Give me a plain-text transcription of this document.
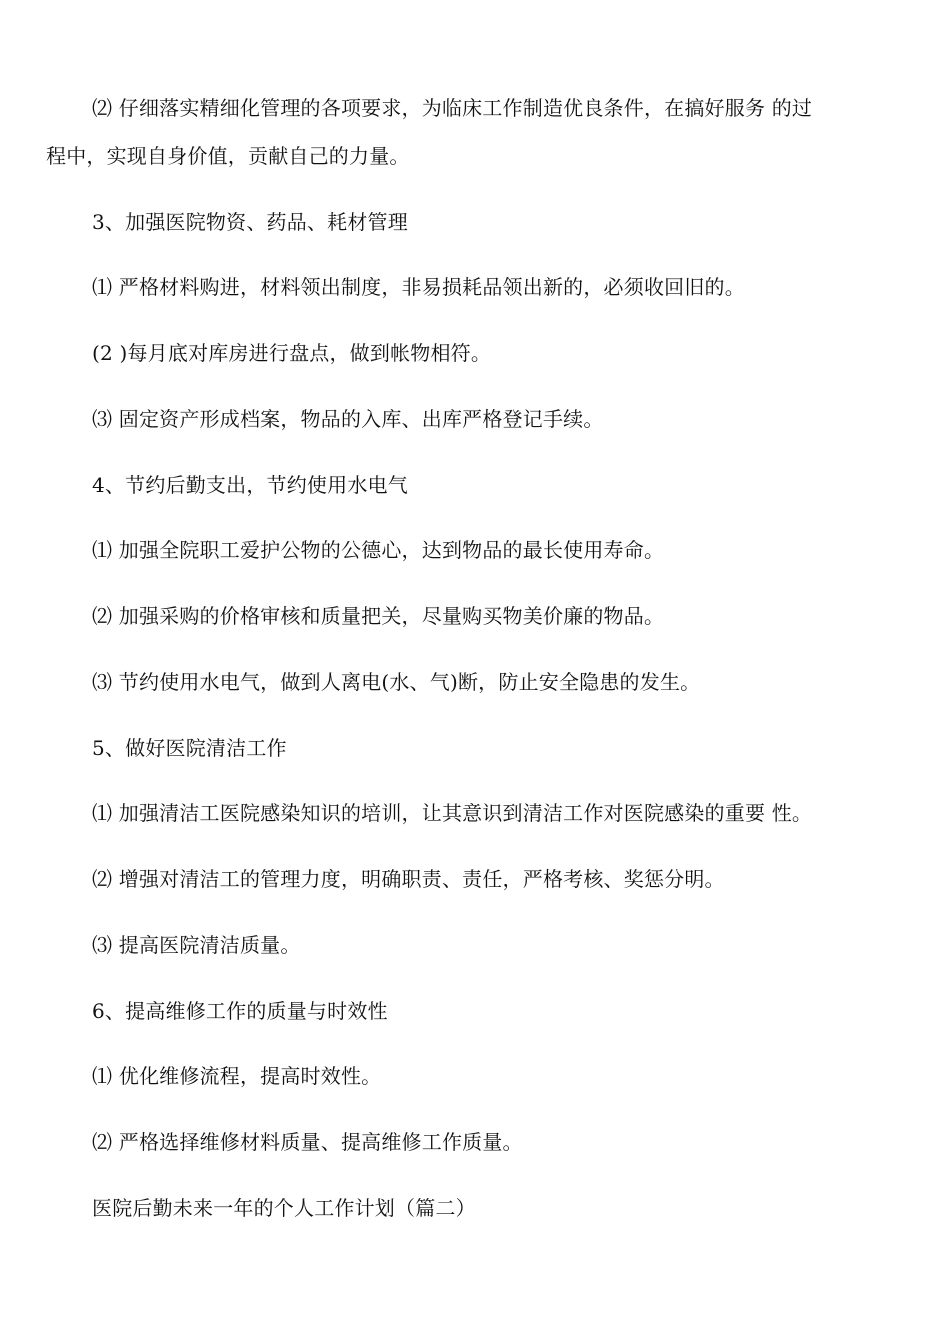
⑵ 仔细落实精细化管理的各项要求，为临床工作制造优良条件，在搞好服务 的过
程中，实现自身价值，贡献自己的力量。
3、加强医院物资、药品、耗材管理
⑴ 严格材料购进，材料领出制度，非易损耗品领出新的，必须收回旧的。
(2 )每月底对库房进行盘点，做到帐物相符。
⑶ 固定资产形成档案，物品的入库、出库严格登记手续。
4、节约后勤支出，节约使用水电气
⑴ 加强全院职工爱护公物的公德心，达到物品的最长使用寿命。
⑵ 加强采购的价格审核和质量把关，尽量购买物美价廉的物品。
⑶ 节约使用水电气，做到人离电(水、气)断，防止安全隐患的发生。
5、做好医院清洁工作
⑴ 加强清洁工医院感染知识的培训，让其意识到清洁工作对医院感染的重要 性。
⑵ 增强对清洁工的管理力度，明确职责、责任，严格考核、奖惩分明。
⑶ 提高医院清洁质量。
6、提高维修工作的质量与时效性
⑴ 优化维修流程，提高时效性。
⑵ 严格选择维修材料质量、提高维修工作质量。
医院后勤未来一年的个人工作计划（篇二）
